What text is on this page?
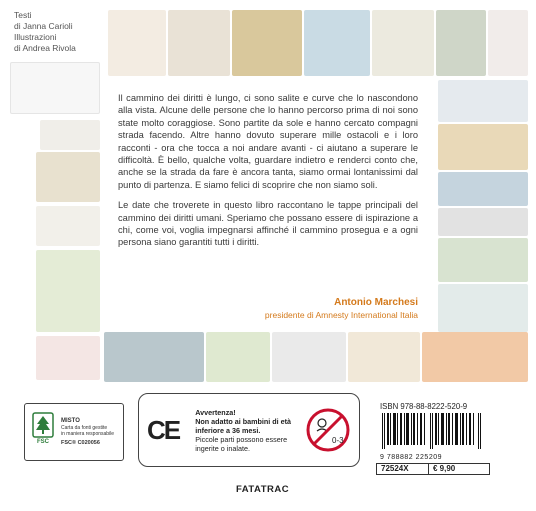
Testi
di Janna Carioli
Illustrazioni
di Andrea Rivola

Il cammino dei diritti è lungo, ci sono salite e curve che lo nascondono alla vista. Alcune delle persone che lo hanno percorso prima di noi sono state molto coraggiose. Sono partite da sole e hanno cercato compagni strada facendo. Altre hanno dovuto superare mille ostacoli e i loro racconti - ora che tocca a noi andare avanti - ci aiutano a superare le difficoltà. È bello, qualche volta, guardare indietro e renderci conto che, anche se la strada da fare è ancora tanta, siamo ormai lontanissimi dal punto di partenza. E siamo felici di scoprire che non siamo soli.

Le date che troverete in questo libro raccontano le tappe principali del cammino dei diritti umani. Speriamo che possano essere di ispirazione a chi, come voi, voglia impegnarsi affinché il cammino prosegua e a ogni persona siano garantiti tutti i diritti.

Antonio Marchesi
presidente di Amnesty International Italia
FSC
MISTO
Carta da fonti gestite
in maniera responsabile
FSC® C020056	CE
Avvertenza!
Non adatto ai bambini di età inferiore a 36 mesi.
Piccole parti possono essere ingerite o inalate.
0-3
ISBN 978-88-8222-520-9
9 788882 225209
72524X	€ 9,90
FATATRAC
